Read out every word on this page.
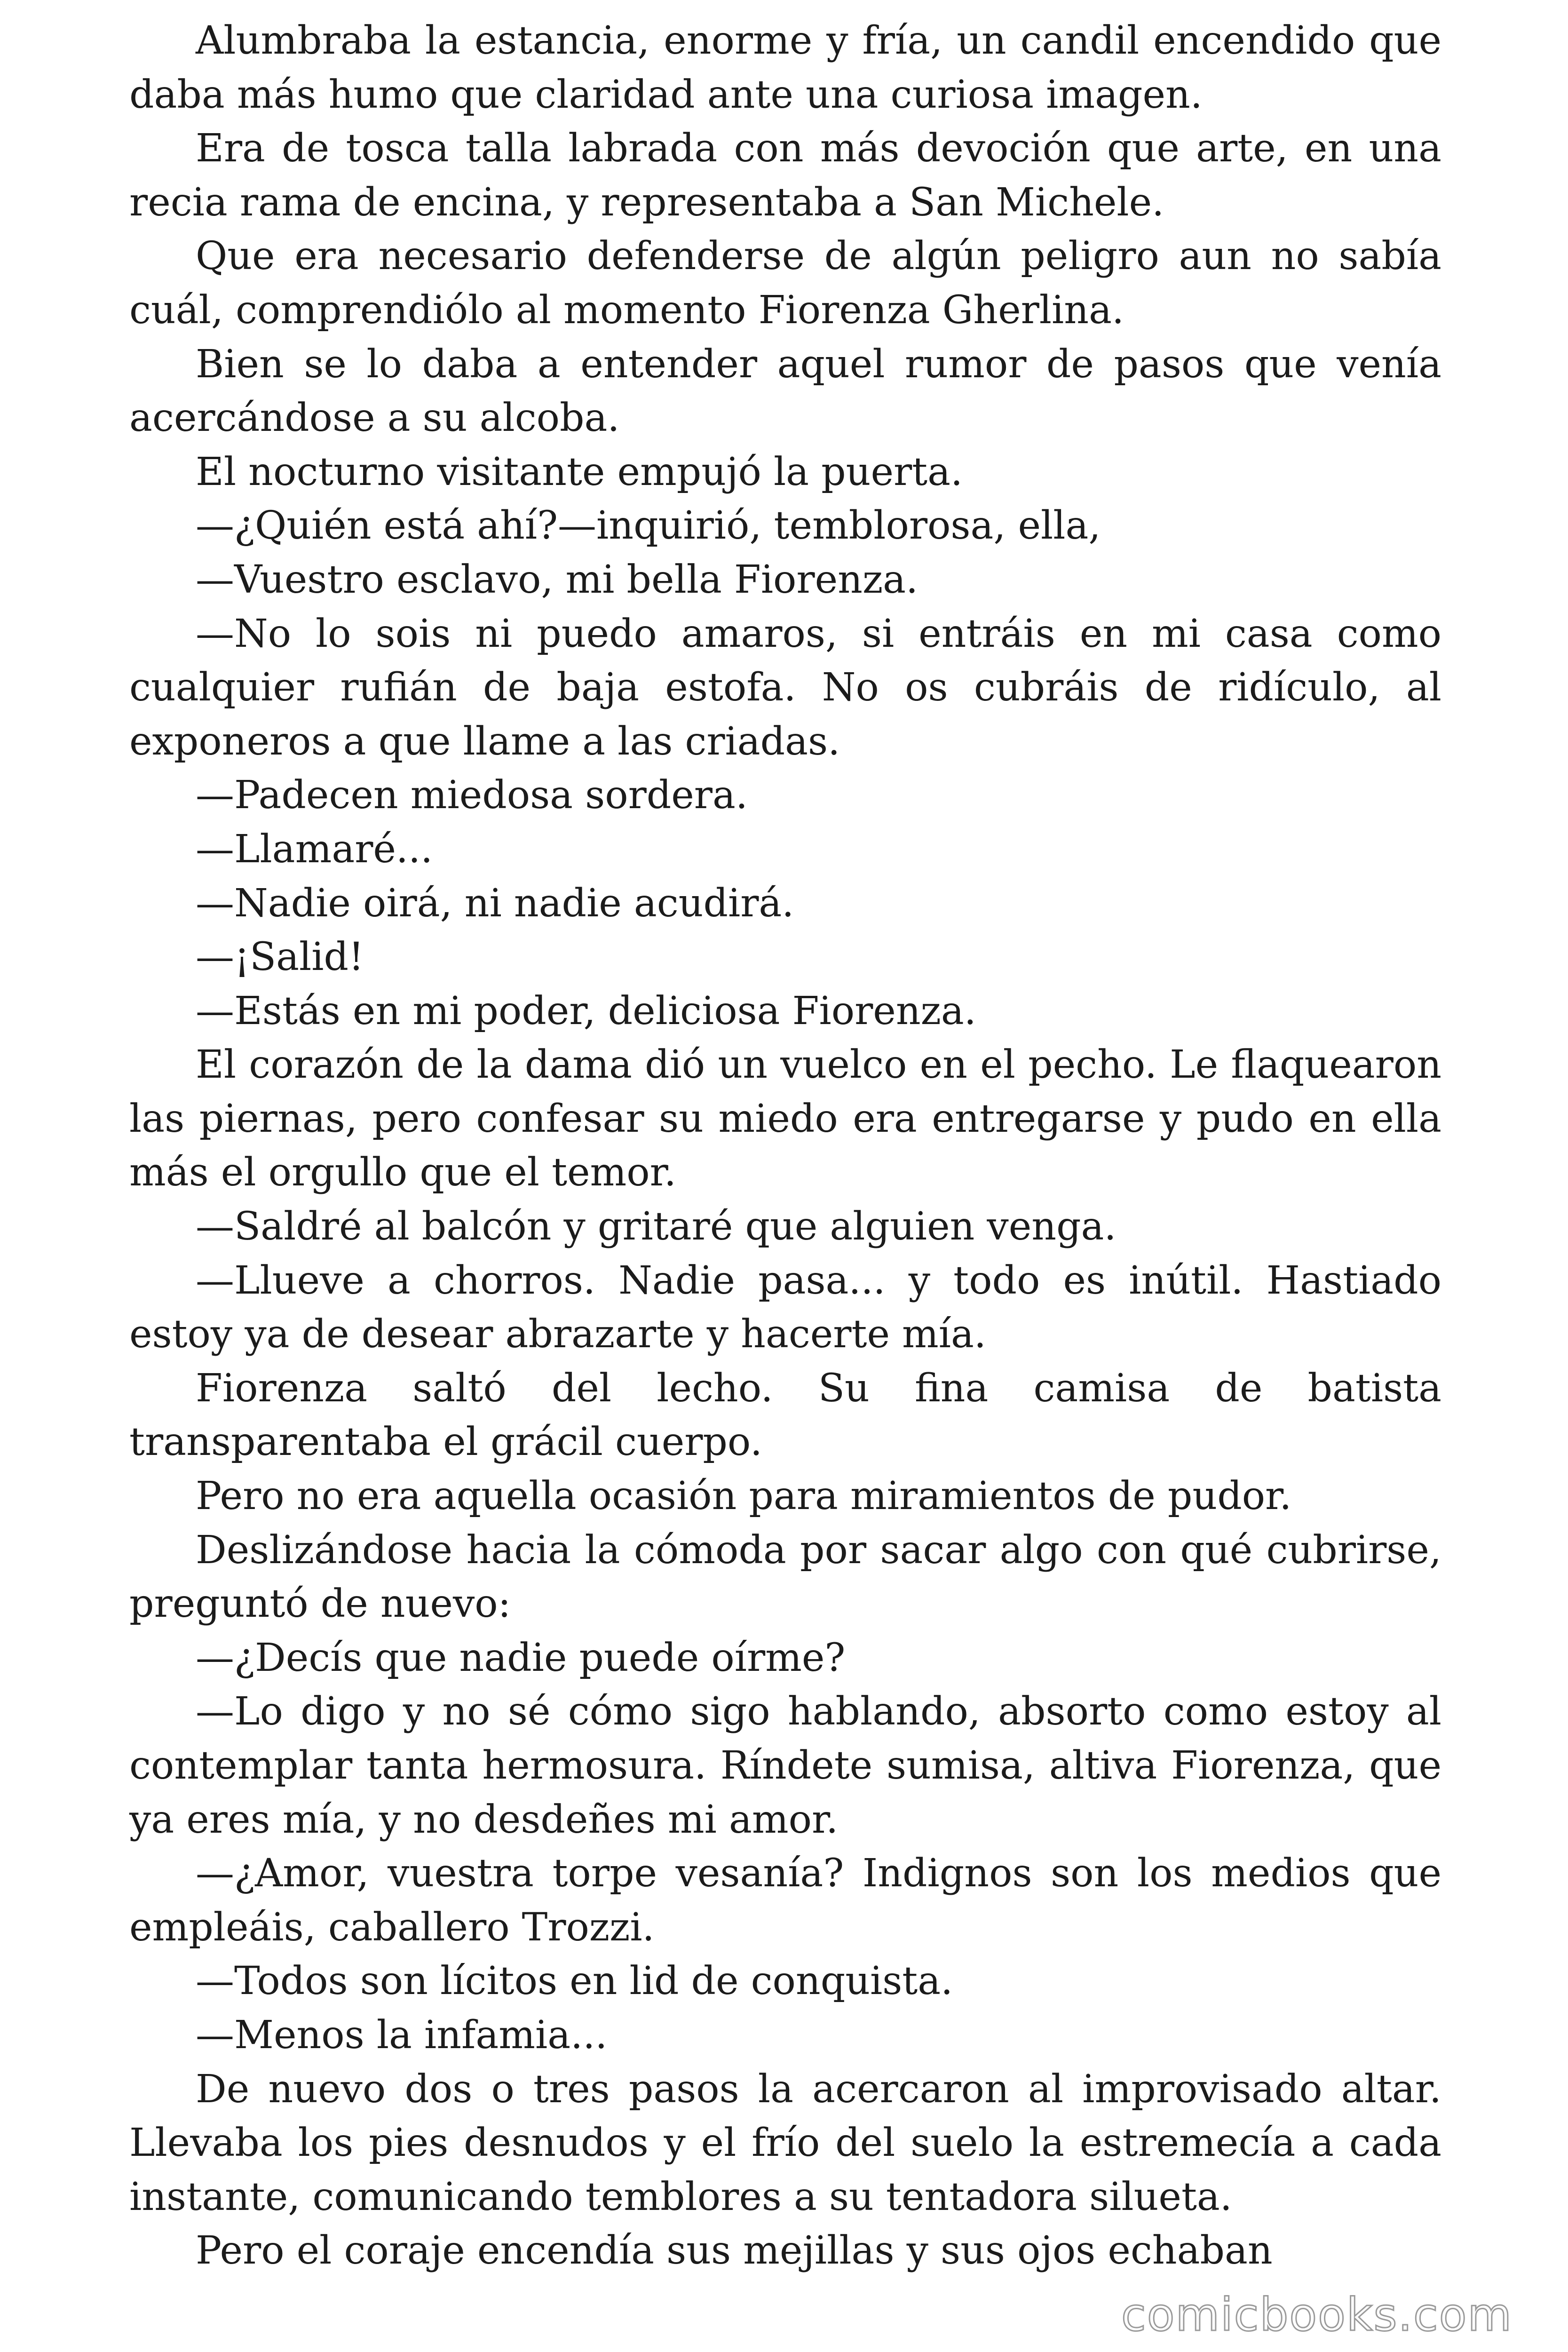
Alumbraba la estancia, enorme y fría, un candil encendido que daba más humo que claridad ante una curiosa imagen.

Era de tosca talla labrada con más devoción que arte, en una recia rama de encina, y representaba a San Michele.

Que era necesario defenderse de algún peligro aun no sabía cuál, comprendiólo al momento Fiorenza Gherlina.

Bien se lo daba a entender aquel rumor de pasos que venía acercándose a su alcoba.

El nocturno visitante empujó la puerta.

—¿Quién está ahí?—inquirió, temblorosa, ella,

—Vuestro esclavo, mi bella Fiorenza.

—No lo sois ni puedo amaros, si entráis en mi casa como cualquier rufián de baja estofa. No os cubráis de ridículo, al exponeros a que llame a las criadas.

—Padecen miedosa sordera.

—Llamaré...

—Nadie oirá, ni nadie acudirá.

—¡Salid!

—Estás en mi poder, deliciosa Fiorenza.

El corazón de la dama dió un vuelco en el pecho. Le flaquearon las piernas, pero confesar su miedo era entregarse y pudo en ella más el orgullo que el temor.

—Saldré al balcón y gritaré que alguien venga.

—Llueve a chorros. Nadie pasa... y todo es inútil. Hastiado estoy ya de desear abrazarte y hacerte mía.

Fiorenza saltó del lecho. Su fina camisa de batista transparentaba el grácil cuerpo.

Pero no era aquella ocasión para miramientos de pudor.

Deslizándose hacia la cómoda por sacar algo con qué cubrirse, preguntó de nuevo:

—¿Decís que nadie puede oírme?

—Lo digo y no sé cómo sigo hablando, absorto como estoy al contemplar tanta hermosura. Ríndete sumisa, altiva Fiorenza, que ya eres mía, y no desdeñes mi amor.

—¿Amor, vuestra torpe vesanía? Indignos son los medios que empleáis, caballero Trozzi.

—Todos son lícitos en lid de conquista.

—Menos la infamia...

De nuevo dos o tres pasos la acercaron al improvisado altar. Llevaba los pies desnudos y el frío del suelo la estremecía a cada instante, comunicando temblores a su tentadora silueta.

Pero el coraje encendía sus mejillas y sus ojos echaban

comicbooks.com
